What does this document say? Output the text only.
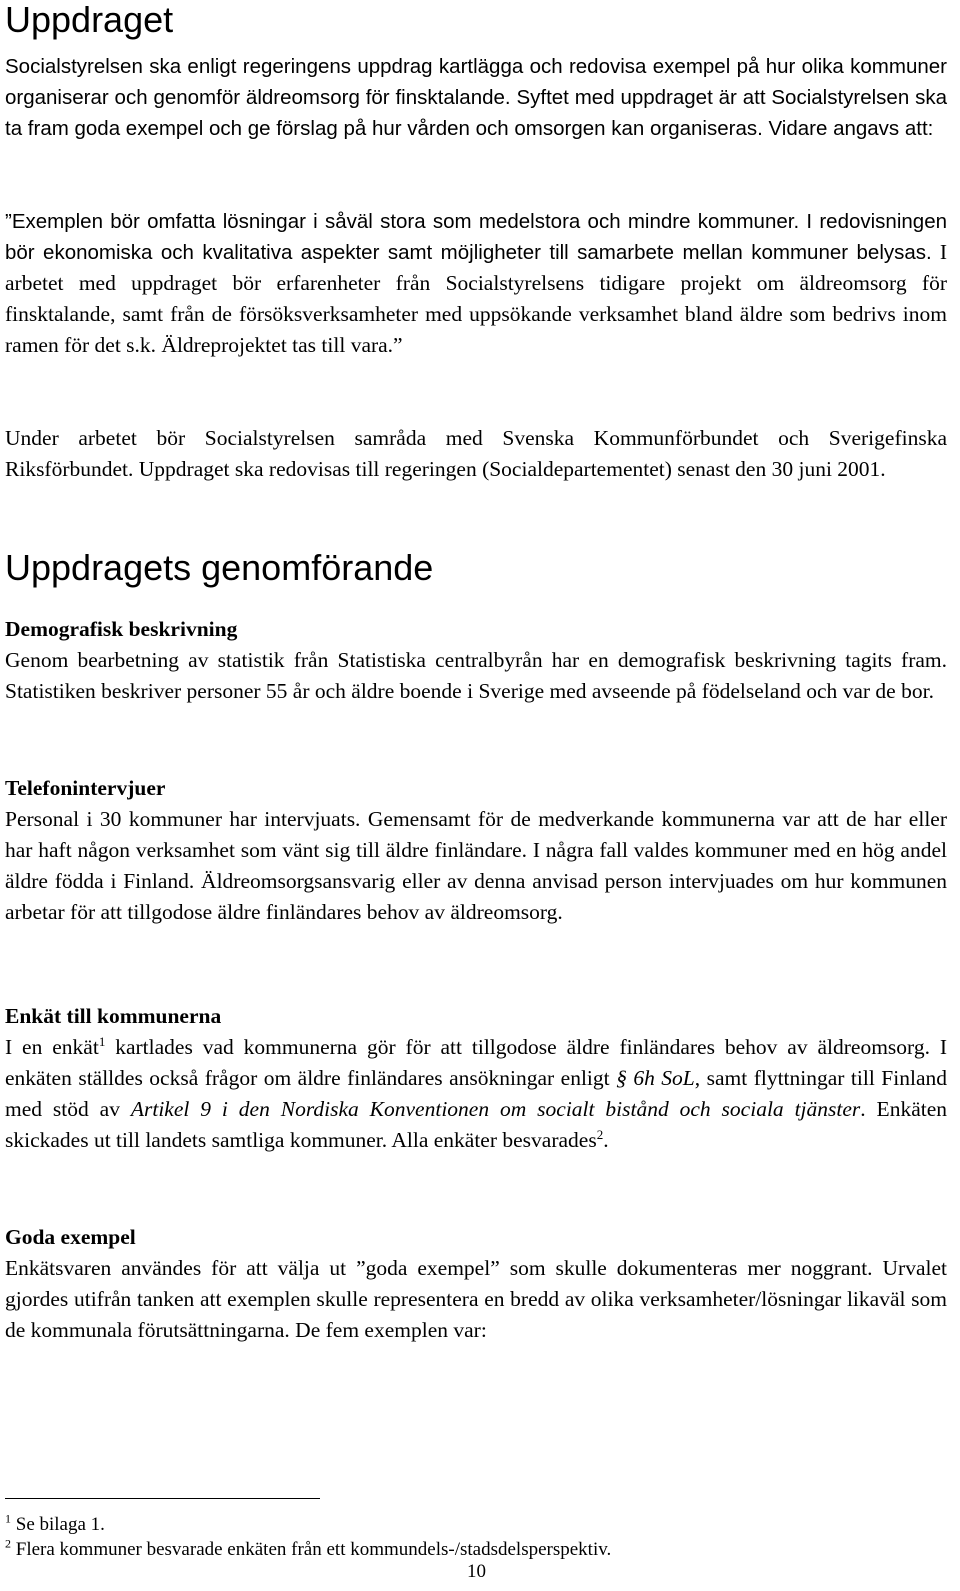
Uppdraget
Socialstyrelsen ska enligt regeringens uppdrag kartlägga och redovisa exempel på hur olika kommuner organiserar och genomför äldreomsorg för finsktalande. Syftet med uppdraget är att Socialstyrelsen ska ta fram goda exempel och ge förslag på hur vården och omsorgen kan organiseras. Vidare angavs att:
”Exemplen bör omfatta lösningar i såväl stora som medelstora och mindre kommuner. I redovisningen bör ekonomiska och kvalitativa aspekter samt möjligheter till samarbete mellan kommuner belysas. I arbetet med uppdraget bör erfarenheter från Socialstyrelsens tidigare projekt om äldreomsorg för finsktalande, samt från de försöksverksamheter med uppsökande verksamhet bland äldre som bedrivs inom ramen för det s.k. Äldreprojektet tas till vara.”
Under arbetet bör Socialstyrelsen samråda med Svenska Kommunförbundet och Sverigefinska Riksförbundet. Uppdraget ska redovisas till regeringen (Socialdepartementet) senast den 30 juni 2001.
Uppdragets genomförande
Demografisk beskrivning
Genom bearbetning av statistik från Statistiska centralbyrån har en demografisk beskrivning tagits fram. Statistiken beskriver personer 55 år och äldre boende i Sverige med avseende på födelseland och var de bor.
Telefonintervjuer
Personal i 30 kommuner har intervjuats. Gemensamt för de medverkande kommunerna var att de har eller har haft någon verksamhet som vänt sig till äldre finländare. I några fall valdes kommuner med en hög andel äldre födda i Finland. Äldreomsorgsansvarig eller av denna anvisad person intervjuades om hur kommunen arbetar för att tillgodose äldre finländares behov av äldreomsorg.
Enkät till kommunerna
I en enkät$^1$ kartlades vad kommunerna gör för att tillgodose äldre finländares behov av äldreomsorg. I enkäten ställdes också frågor om äldre finländares ansökningar enligt § 6h SoL, samt flyttningar till Finland med stöd av Artikel 9 i den Nordiska Konventionen om socialt bistånd och sociala tjänster. Enkäten skickades ut till landets samtliga kommuner. Alla enkäter besvarades$^2$.
Goda exempel
Enkätsvaren användes för att välja ut ”goda exempel” som skulle dokumenteras mer noggrant. Urvalet gjordes utifrån tanken att exemplen skulle representera en bredd av olika verksamheter/lösningar likaväl som de kommunala förutsättningarna. De fem exemplen var:
$^1$ Se bilaga 1.
$^2$ Flera kommuner besvarade enkäten från ett kommundels-/stadsdelsperspektiv.
10
